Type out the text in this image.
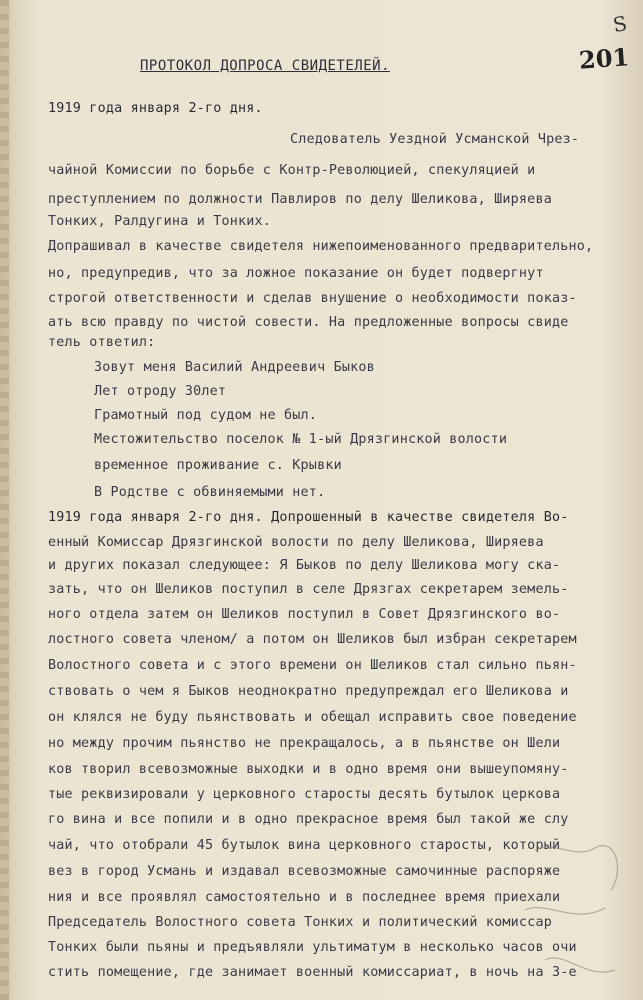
S
201
ПРОТОКОЛ ДОПРОСА СВИДЕТЕЛЕЙ.
1919 года января 2-го дня.
Следователь Уездной Усманской Чрез-
чайной Комиссии по борьбе с Контр-Революцией, спекуляцией и
преступлением по должности Павлиров по делу Шеликова, Ширяева
Тонких, Ралдугина и Тонких.
Допрашивал в качестве свидетеля нижепоименованного предварительно,
но, предупредив, что за ложное показание он будет подвергнут
строгой ответственности и сделав внушение о необходимости показ-
ать всю правду по чистой совести. На предложенные вопросы свиде
тель ответил:
Зовут меня Василий Андреевич Быков
Лет отроду 30лет
Грамотный под судом не был.
Местожительство поселок № 1-ый Дрязгинской волости
временное проживание с. Крывки
В Родстве с обвиняемыми нет.
1919 года января 2-го дня. Допрошенный в качестве свидетеля Во-
енный Комиссар Дрязгинской волости по делу Шеликова, Ширяева
и других показал следующее: Я Быков по делу Шеликова могу ска-
зать, что он Шеликов поступил в селе Дрязгах секретарем земель-
ного отдела затем он Шеликов поступил в Совет Дрязгинского во-
лостного совета членом/ а потом он Шеликов был избран секретарем
Волостного совета и с этого времени он Шеликов стал сильно пьян-
ствовать о чем я Быков неоднократно предупреждал его Шеликова и
он клялся не буду пьянствовать и обещал исправить свое поведение
но между прочим пьянство не прекращалось, а в пьянстве он Шели
ков творил всевозможные выходки и в одно время они вышеупомяну-
тые реквизировали у церковного старосты десять бутылок церкова
го вина и все попили и в одно прекрасное время был такой же слу
чай, что отобрали 45 бутылок вина церковного старосты, который
вез в город Усмань и издавал всевозможные самочинные распоряже
ния и все проявлял самостоятельно и в последнее время приехали
Председатель Волостного совета Тонких и политический комиссар
Тонких были пьяны и предъявляли ультиматум в несколько часов очи
стить помещение, где занимает военный комиссариат, в ночь на 3-е
